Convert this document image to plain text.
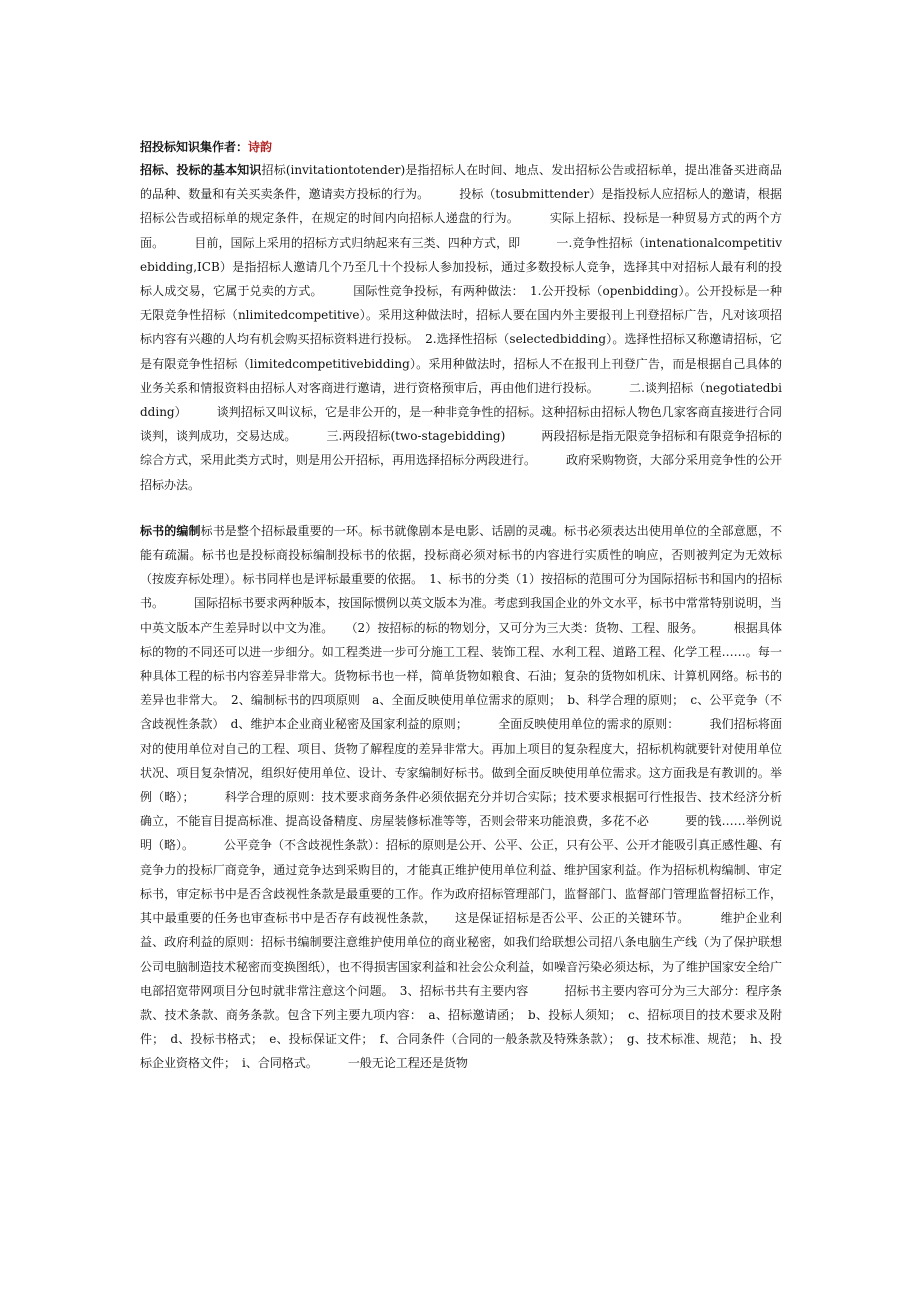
招投标知识集作者：诗韵

招标、投标的基本知识招标(invitationtotender)是指招标人在时间、地点、发出招标公告或招标单，提出准备买进商品的品种、数量和有关买卖条件，邀请卖方投标的行为。　　　投标（tosubmittender）是指投标人应招标人的邀请，根据招标公告或招标单的规定条件，在规定的时间内向招标人递盘的行为。　　　实际上招标、投标是一种贸易方式的两个方面。　　　目前，国际上采用的招标方式归纳起来有三类、四种方式，即　　　一.竞争性招标（intenationalcompetitivebidding,ICB）是指招标人邀请几个乃至几十个投标人参加投标，通过多数投标人竞争，选择其中对招标人最有利的投标人成交易，它属于兑卖的方式。　　　国际性竞争投标，有两种做法：　1.公开投标（openbidding）。公开投标是一种无限竞争性招标（nlimitedcompetitive）。采用这种做法时，招标人要在国内外主要报刊上刊登招标广告，凡对该项招标内容有兴趣的人均有机会购买招标资料进行投标。　2.选择性招标（selectedbidding）。选择性招标又称邀请招标，它是有限竞争性招标（limitedcompetitivebidding）。采用种做法时，招标人不在报刊上刊登广告，而是根据自己具体的业务关系和情报资料由招标人对客商进行邀请，进行资格预审后，再由他们进行投标。　　　二.谈判招标（negotiatedbidding）　　　谈判招标又叫议标，它是非公开的，是一种非竞争性的招标。这种招标由招标人物色几家客商直接进行合同谈判，谈判成功，交易达成。　　　三.两段招标(two-stagebidding)　　　两段招标是指无限竞争招标和有限竞争招标的综合方式，采用此类方式时，则是用公开招标，再用选择招标分两段进行。　　　政府采购物资，大部分采用竞争性的公开招标办法。

标书的编制标书是整个招标最重要的一环。标书就像剧本是电影、话剧的灵魂。标书必须表达出使用单位的全部意愿，不能有疏漏。标书也是投标商投标编制投标书的依据，投标商必须对标书的内容进行实质性的响应，否则被判定为无效标（按废弃标处理）。标书同样也是评标最重要的依据。　1、标书的分类（1）按招标的范围可分为国际招标书和国内的招标书。　　　国际招标书要求两种版本，按国际惯例以英文版本为准。考虑到我国企业的外文水平，标书中常常特别说明，当中英文版本产生差异时以中文为准。　　（2）按招标的标的物划分，又可分为三大类：货物、工程、服务。　　　根据具体标的物的不同还可以进一步细分。如工程类进一步可分施工工程、装饰工程、水利工程、道路工程、化学工程……。每一种具体工程的标书内容差异非常大。货物标书也一样，简单货物如粮食、石油；复杂的货物如机床、计算机网络。标书的差异也非常大。　2、编制标书的四项原则　a、全面反映使用单位需求的原则；　b、科学合理的原则；　c、公平竞争（不含歧视性条款）　d、维护本企业商业秘密及国家利益的原则；　　　全面反映使用单位的需求的原则：　　　我们招标将面对的使用单位对自己的工程、项目、货物了解程度的差异非常大。再加上项目的复杂程度大，招标机构就要针对使用单位状况、项目复杂情况，组织好使用单位、设计、专家编制好标书。做到全面反映使用单位需求。这方面我是有教训的。举例（略）；　　　科学合理的原则：技术要求商务条件必须依据充分并切合实际；技术要求根据可行性报告、技术经济分析确立，不能盲目提高标准、提高设备精度、房屋装修标准等等，否则会带来功能浪费，多花不必　　　要的钱……举例说明（略）。　　　公平竞争（不含歧视性条款）：招标的原则是公开、公平、公正，只有公平、公开才能吸引真正感性趣、有竞争力的投标厂商竞争，通过竞争达到采购目的，才能真正维护使用单位利益、维护国家利益。作为招标机构编制、审定标书，审定标书中是否含歧视性条款是最重要的工作。作为政府招标管理部门，监督部门、监督部门管理监督招标工作，其中最重要的任务也审查标书中是否存有歧视性条款，　　这是保证招标是否公平、公正的关键环节。　　　维护企业利益、政府利益的原则：招标书编制要注意维护使用单位的商业秘密，如我们给联想公司招八条电脑生产线（为了保护联想公司电脑制造技术秘密而变换图纸），也不得损害国家利益和社会公众利益，如噪音污染必须达标，为了维护国家安全给广电部招宽带网项目分包时就非常注意这个问题。　3、招标书共有主要内容　　　招标书主要内容可分为三大部分：程序条款、技术条款、商务条款。包含下列主要九项内容：　a、招标邀请函；　b、投标人须知；　c、招标项目的技术要求及附件；　d、投标书格式；　e、投标保证文件；　f、合同条件（合同的一般条款及特殊条款）；　g、技术标准、规范；　h、投标企业资格文件；　i、合同格式。　　　一般无论工程还是货物
